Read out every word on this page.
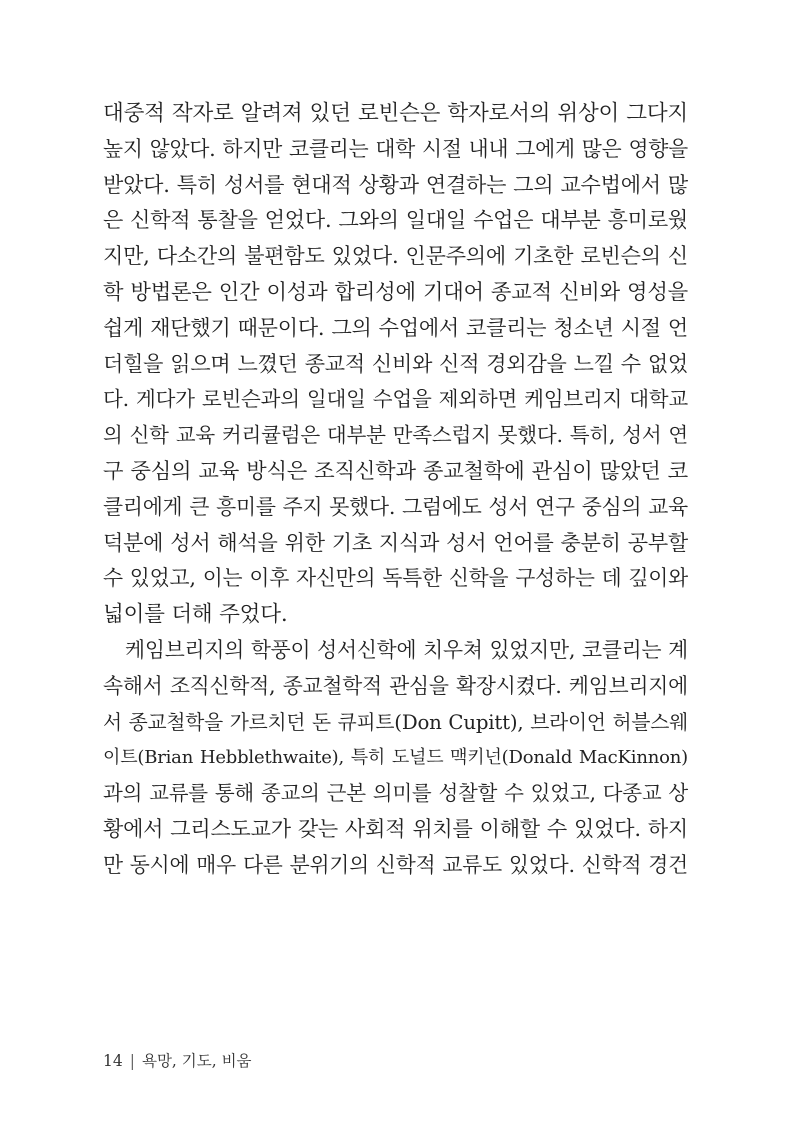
대중적 작자로 알려져 있던 로빈슨은 학자로서의 위상이 그다지
높지 않았다. 하지만 코클리는 대학 시절 내내 그에게 많은 영향을
받았다. 특히 성서를 현대적 상황과 연결하는 그의 교수법에서 많
은 신학적 통찰을 얻었다. 그와의 일대일 수업은 대부분 흥미로웠
지만, 다소간의 불편함도 있었다. 인문주의에 기초한 로빈슨의 신
학 방법론은 인간 이성과 합리성에 기대어 종교적 신비와 영성을
쉽게 재단했기 때문이다. 그의 수업에서 코클리는 청소년 시절 언
더힐을 읽으며 느꼈던 종교적 신비와 신적 경외감을 느낄 수 없었
다. 게다가 로빈슨과의 일대일 수업을 제외하면 케임브리지 대학교
의 신학 교육 커리큘럼은 대부분 만족스럽지 못했다. 특히, 성서 연
구 중심의 교육 방식은 조직신학과 종교철학에 관심이 많았던 코
클리에게 큰 흥미를 주지 못했다. 그럼에도 성서 연구 중심의 교육
덕분에 성서 해석을 위한 기초 지식과 성서 언어를 충분히 공부할
수 있었고, 이는 이후 자신만의 독특한 신학을 구성하는 데 깊이와
넓이를 더해 주었다.
케임브리지의 학풍이 성서신학에 치우쳐 있었지만, 코클리는 계
속해서 조직신학적, 종교철학적 관심을 확장시켰다. 케임브리지에
서 종교철학을 가르치던 돈 큐피트(Don Cupitt), 브라이언 허블스웨
이트(Brian Hebblethwaite), 특히 도널드 맥키넌(Donald MacKinnon)
과의 교류를 통해 종교의 근본 의미를 성찰할 수 있었고, 다종교 상
황에서 그리스도교가 갖는 사회적 위치를 이해할 수 있었다. 하지
만 동시에 매우 다른 분위기의 신학적 교류도 있었다. 신학적 경건
14 | 욕망, 기도, 비움
